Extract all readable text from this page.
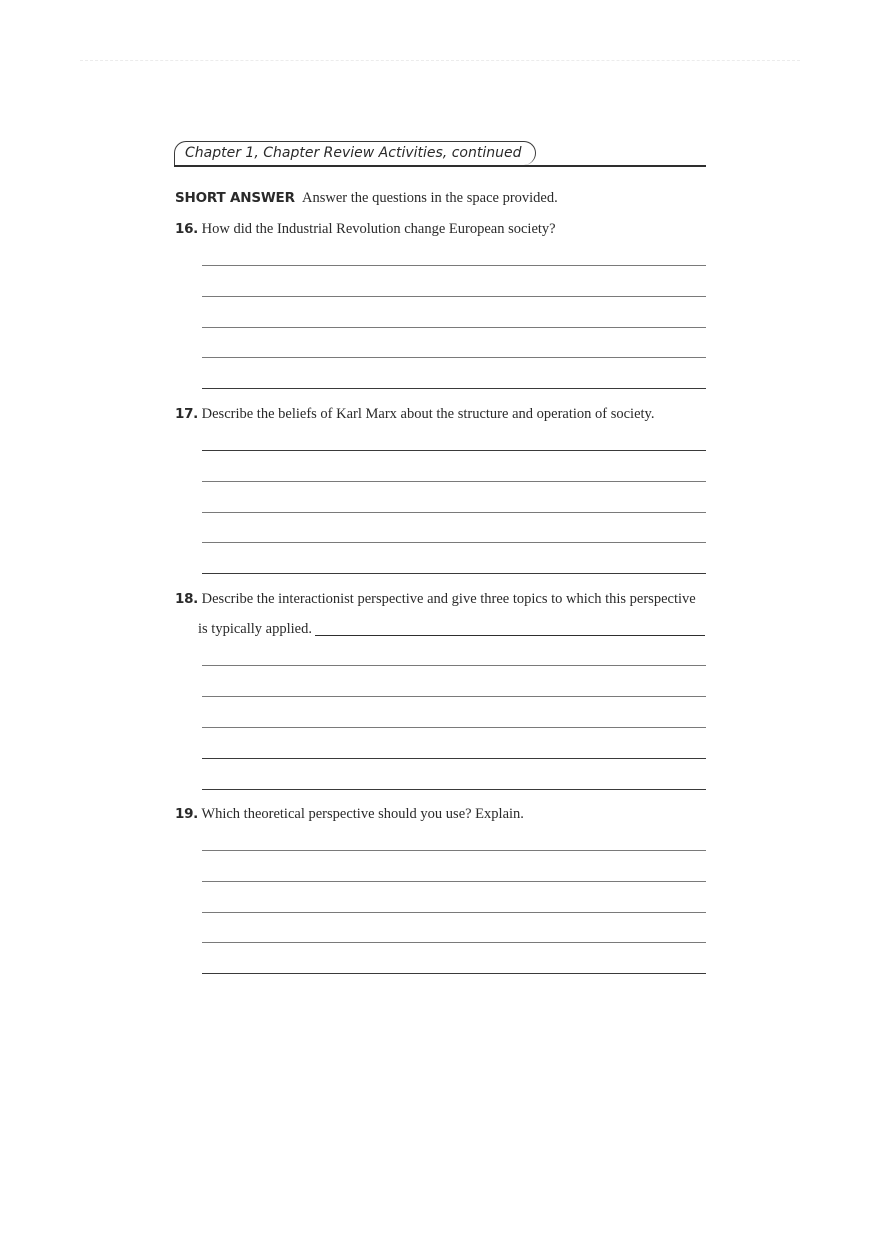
Chapter 1, Chapter Review Activities, continued
SHORT ANSWER Answer the questions in the space provided.
16. How did the Industrial Revolution change European society?
17. Describe the beliefs of Karl Marx about the structure and operation of society.
18. Describe the interactionist perspective and give three topics to which this perspective
is typically applied.
19. Which theoretical perspective should you use? Explain.
